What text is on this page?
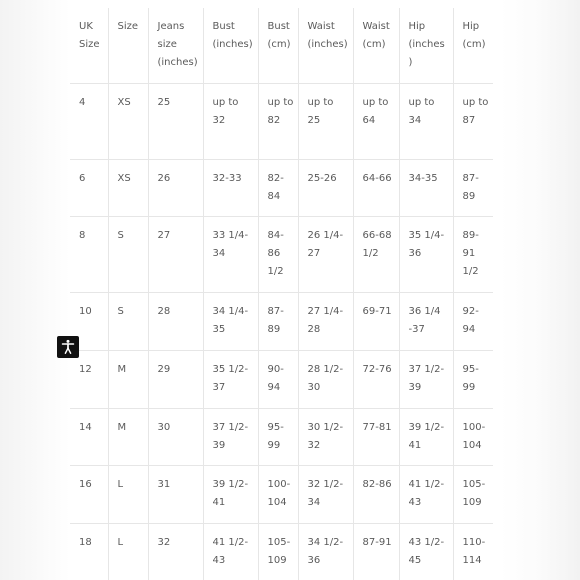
UK Size	Size	Jeans size (inches)	Bust (inches)	Bust (cm)	Waist (inches)	Waist (cm)	Hip (inches)	Hip (cm)
4	XS	25	up to 32	up to 82	up to 25	up to 64	up to 34	up to 87
6	XS	26	32-33	82-84	25-26	64-66	34-35	87-89
8	S	27	33 1/4-34	84-86 1/2	26 1/4-27	66-68 1/2	35 1/4-36	89-91 1/2
10	S	28	34 1/4-35	87-89	27 1/4-28	69-71	36 1/4 -37	92-94
12	M	29	35 1/2-37	90-94	28 1/2-30	72-76	37 1/2-39	95-99
14	M	30	37 1/2-39	95-99	30 1/2-32	77-81	39 1/2-41	100-104
16	L	31	39 1/2-41	100-104	32 1/2-34	82-86	41 1/2-43	105-109
18	L	32	41 1/2-43	105-109	34 1/2-36	87-91	43 1/2-45	110-114
